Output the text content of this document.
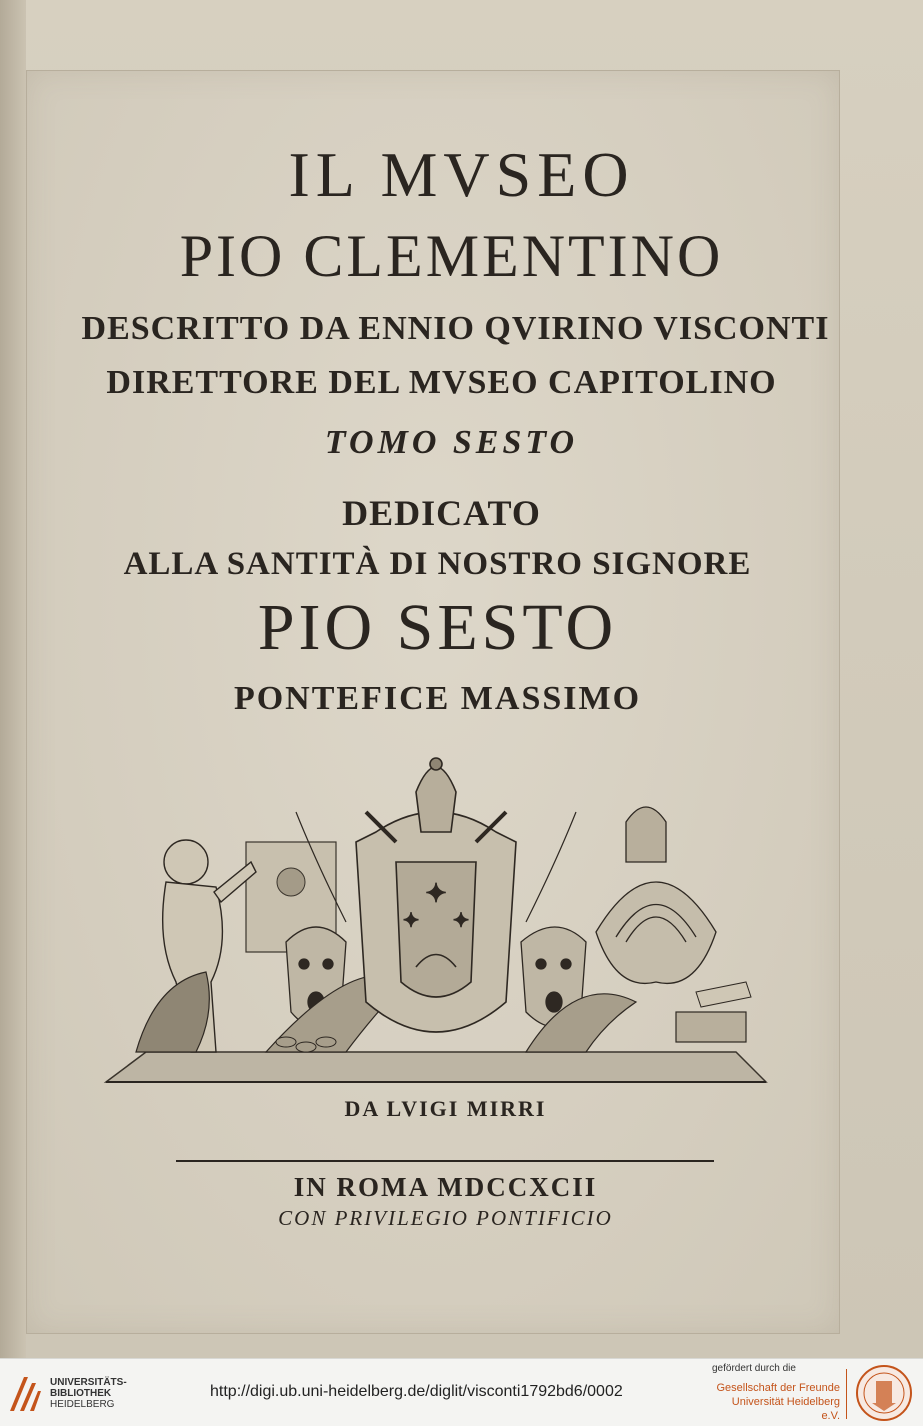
IL MVSEO
PIO CLEMENTINO
DESCRITTO DA ENNIO QVIRINO VISCONTI
DIRETTORE DEL MVSEO CAPITOLINO
TOMO SESTO
DEDICATO
ALLA SANTITÀ DI NOSTRO SIGNORE
PIO SESTO
PONTEFICE MASSIMO
✦
✦ ✦
DA LVIGI MIRRI
IN ROMA MDCCXCII
CON PRIVILEGIO PONTIFICIO
UNIVERSITÄTS-
BIBLIOTHEK
HEIDELBERG
http://digi.ub.uni-heidelberg.de/diglit/visconti1792bd6/0002
gefördert durch die
Gesellschaft der Freunde
Universität Heidelberg e.V.
